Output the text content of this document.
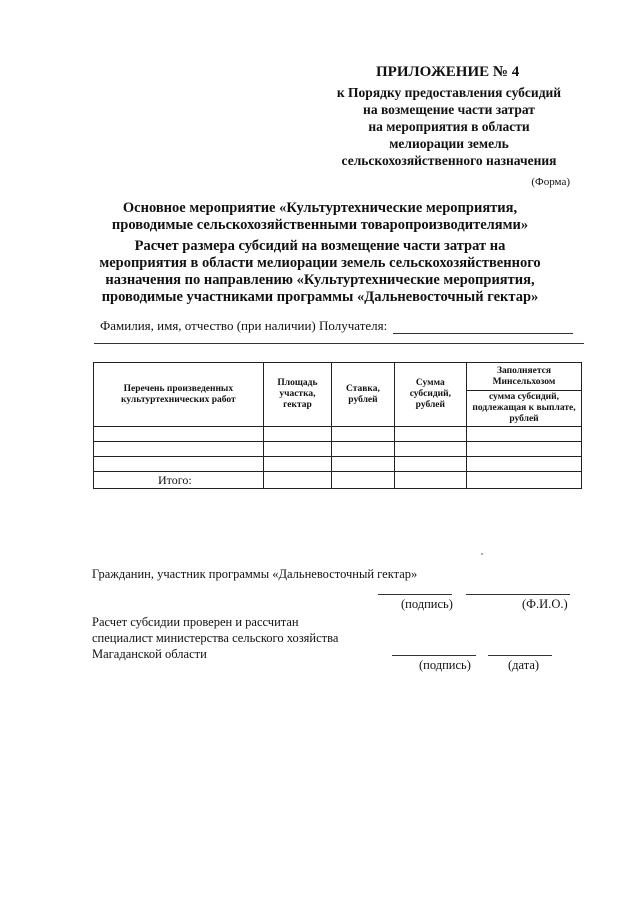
ПРИЛОЖЕНИЕ № 4
к Порядку предоставления субсидий
на возмещение части затрат
на мероприятия в области
мелиорации земель
сельскохозяйственного назначения
(Форма)
Основное мероприятие «Культуртехнические мероприятия,
проводимые сельскохозяйственными товаропроизводителями»
Расчет размера субсидий на возмещение части затрат на
мероприятия в области мелиорации земель сельскохозяйственного
назначения по направлению «Культуртехнические мероприятия,
проводимые участниками программы «Дальневосточный гектар»
Фамилия, имя, отчество (при наличии) Получателя:
Перечень произведенных культуртехнических работ	Площадь участка, гектар	Ставка, рублей	Сумма субсидий, рублей	Заполняется Минсельхозом
				сумма субсидий, подлежащая к выплате, рублей

Итого:				
Гражданин, участник программы «Дальневосточный гектар»
(подпись)	(Ф.И.О.)
Расчет субсидии проверен и рассчитан
специалист министерства сельского хозяйства
Магаданской области
(подпись)	(дата)
